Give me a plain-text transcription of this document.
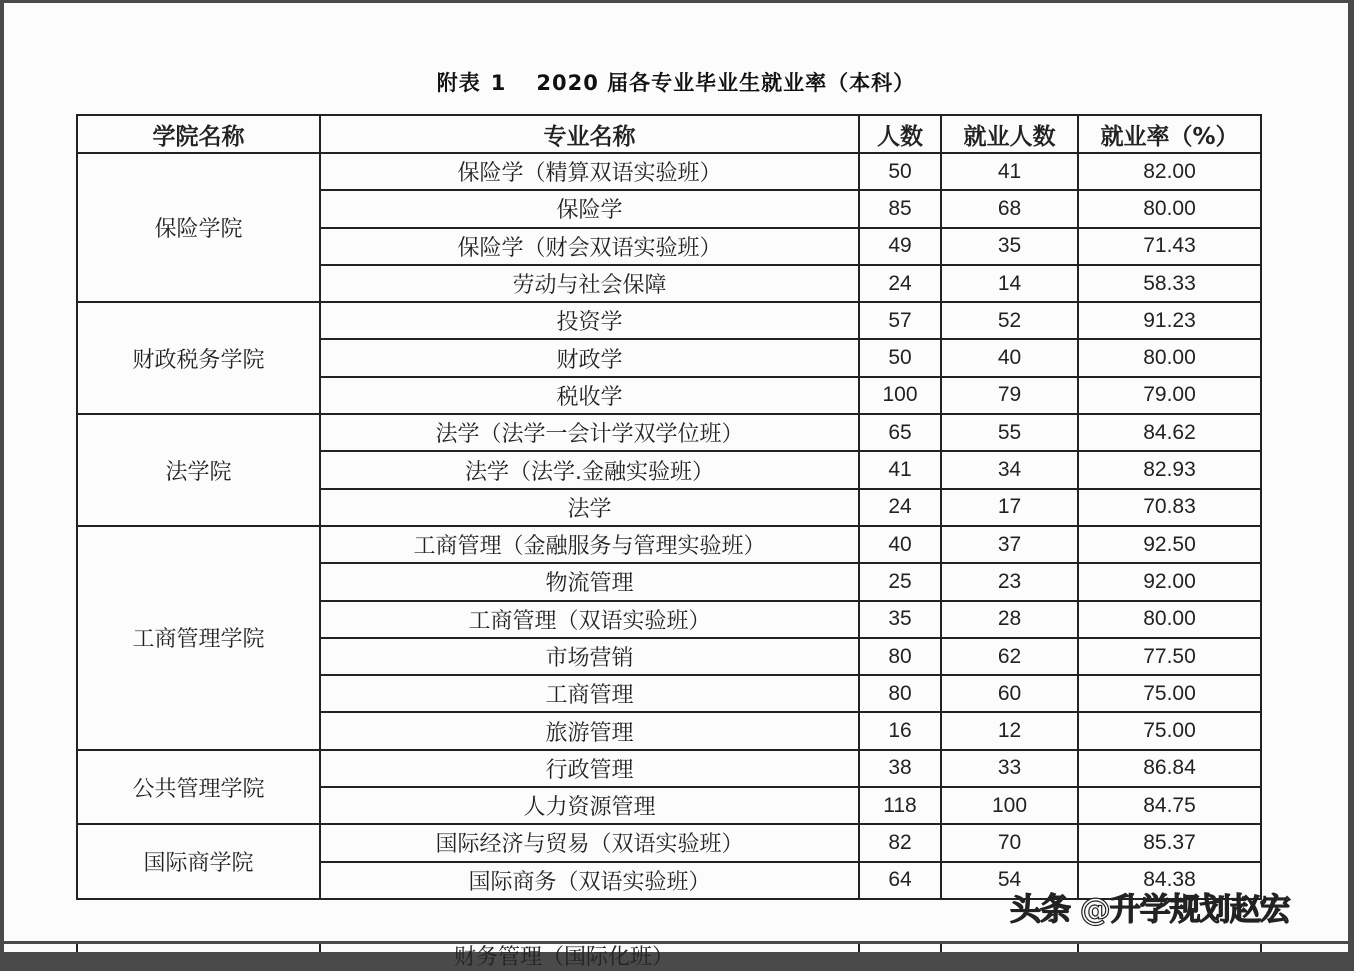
附表 1 2020 届各专业毕业生就业率（本科）
学院名称	专业名称	人数	就业人数	就业率（%）
保险学院	保险学（精算双语实验班）	50	41	82.00
	保险学	85	68	80.00
	保险学（财会双语实验班）	49	35	71.43
	劳动与社会保障	24	14	58.33
财政税务学院	投资学	57	52	91.23
	财政学	50	40	80.00
	税收学	100	79	79.00
法学院	法学（法学一会计学双学位班）	65	55	84.62
	法学（法学.金融实验班）	41	34	82.93
	法学	24	17	70.83
工商管理学院	工商管理（金融服务与管理实验班）	40	37	92.50
	物流管理	25	23	92.00
	工商管理（双语实验班）	35	28	80.00
	市场营销	80	62	77.50
	工商管理	80	60	75.00
	旅游管理	16	12	75.00
公共管理学院	行政管理	38	33	86.84
	人力资源管理	118	100	84.75
国际商学院	国际经济与贸易（双语实验班）	82	70	85.37
	国际商务（双语实验班）	64	54	84.38
财务管理（国际化班）
头条 @升学规划赵宏
